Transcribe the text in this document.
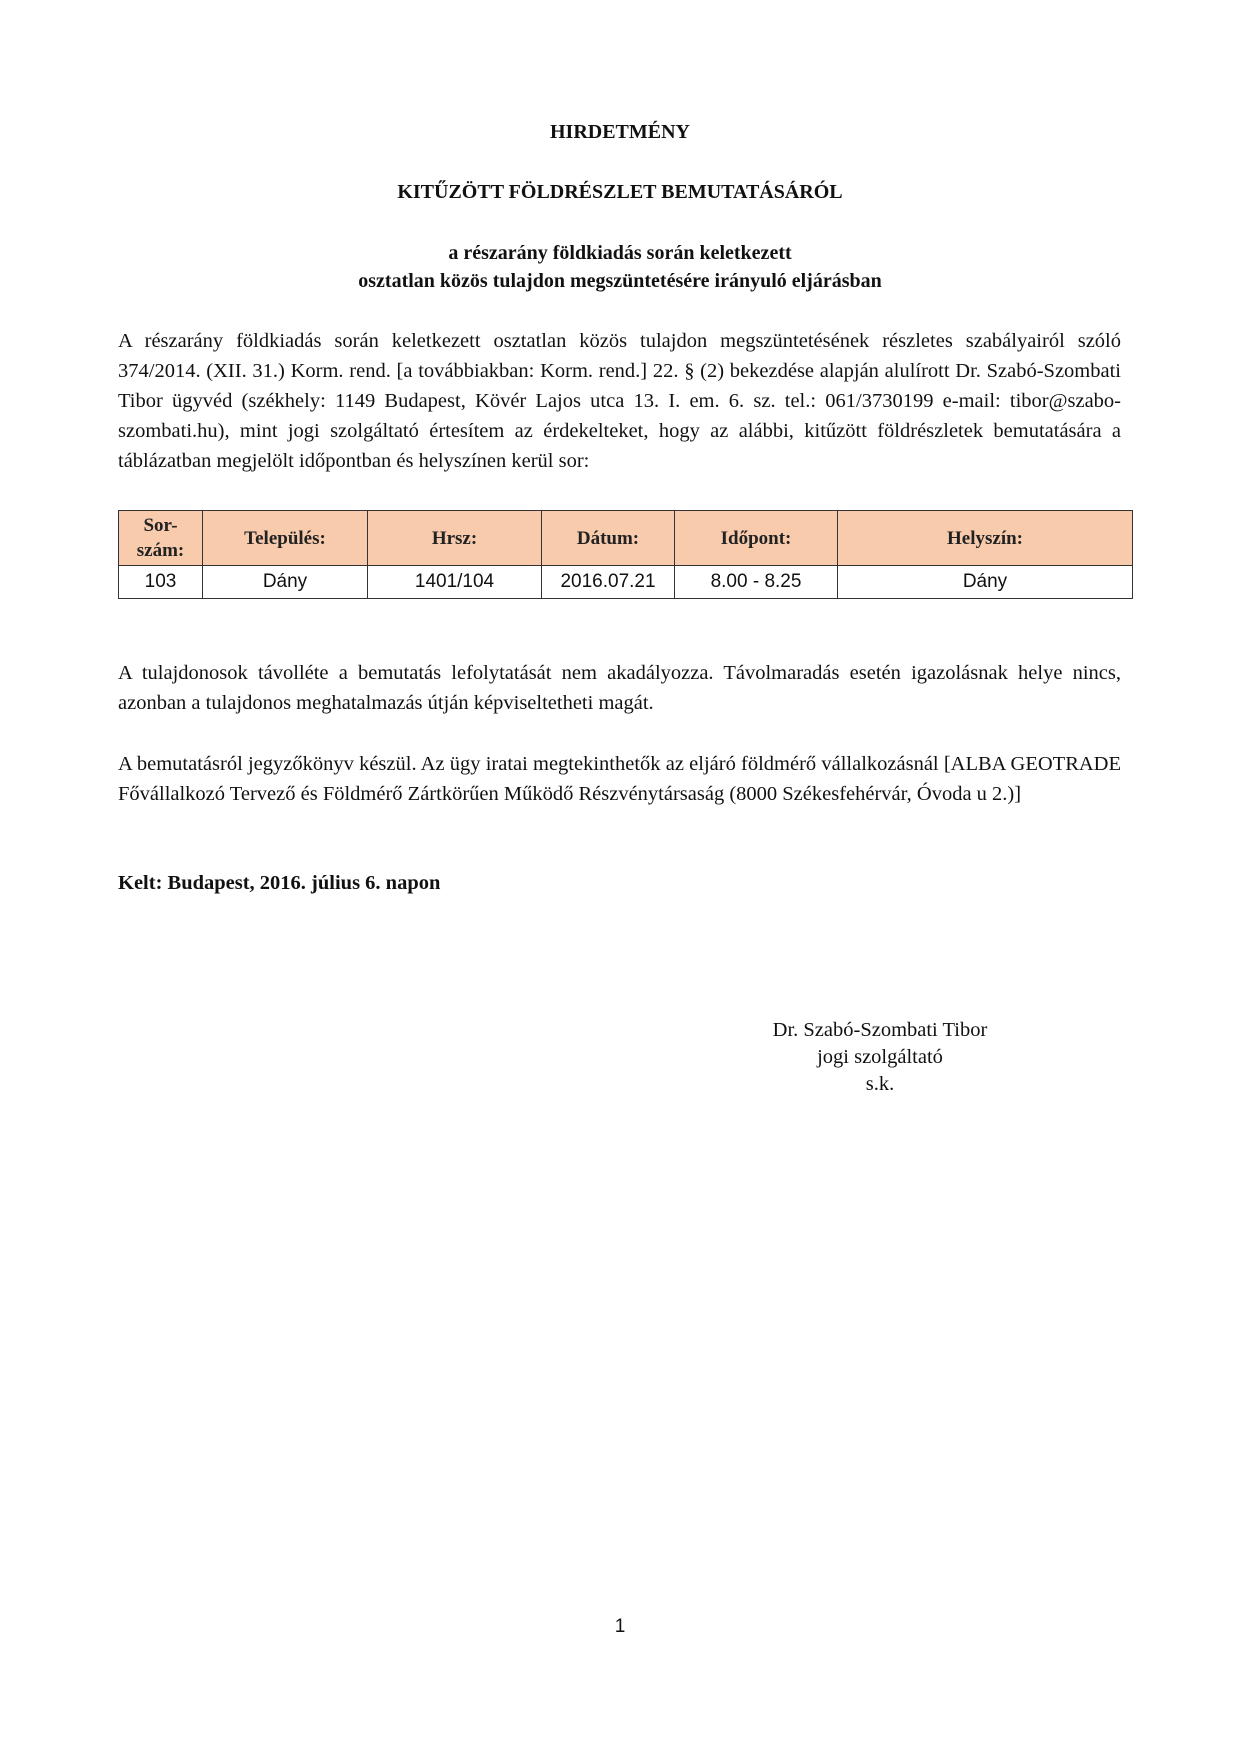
HIRDETMÉNY
KITŰZÖTT FÖLDRÉSZLET BEMUTATÁSÁRÓL
a részarány földkiadás során keletkezett
osztatlan közös tulajdon megszüntetésére irányuló eljárásban

A részarány földkiadás során keletkezett osztatlan közös tulajdon megszüntetésének részletes szabályairól szóló 374/2014. (XII. 31.) Korm. rend. [a továbbiakban: Korm. rend.] 22. § (2) bekezdése alapján alulírott Dr. Szabó-Szombati Tibor ügyvéd (székhely: 1149 Budapest, Kövér Lajos utca 13. I. em. 6. sz. tel.: 061/3730199 e-mail: tibor@szabo-szombati.hu), mint jogi szolgáltató értesítem az érdekelteket, hogy az alábbi, kitűzött földrészletek bemutatására a táblázatban megjelölt időpontban és helyszínen kerül sor:

Sor-
szám:	Település:	Hrsz:	Dátum:	Időpont:	Helyszín:
103	Dány	1401/104	2016.07.21	8.00 - 8.25	Dány

A tulajdonosok távolléte a bemutatás lefolytatását nem akadályozza. Távolmaradás esetén igazolásnak helye nincs, azonban a tulajdonos meghatalmazás útján képviseltetheti magát.

A bemutatásról jegyzőkönyv készül. Az ügy iratai megtekinthetők az eljáró földmérő vállalkozásnál [ALBA GEOTRADE Fővállalkozó Tervező és Földmérő Zártkörűen Működő Részvénytársaság (8000 Székesfehérvár, Óvoda u 2.)]

Kelt: Budapest, 2016. július 6. napon
Dr. Szabó-Szombati Tibor
jogi szolgáltató
s.k.
1
